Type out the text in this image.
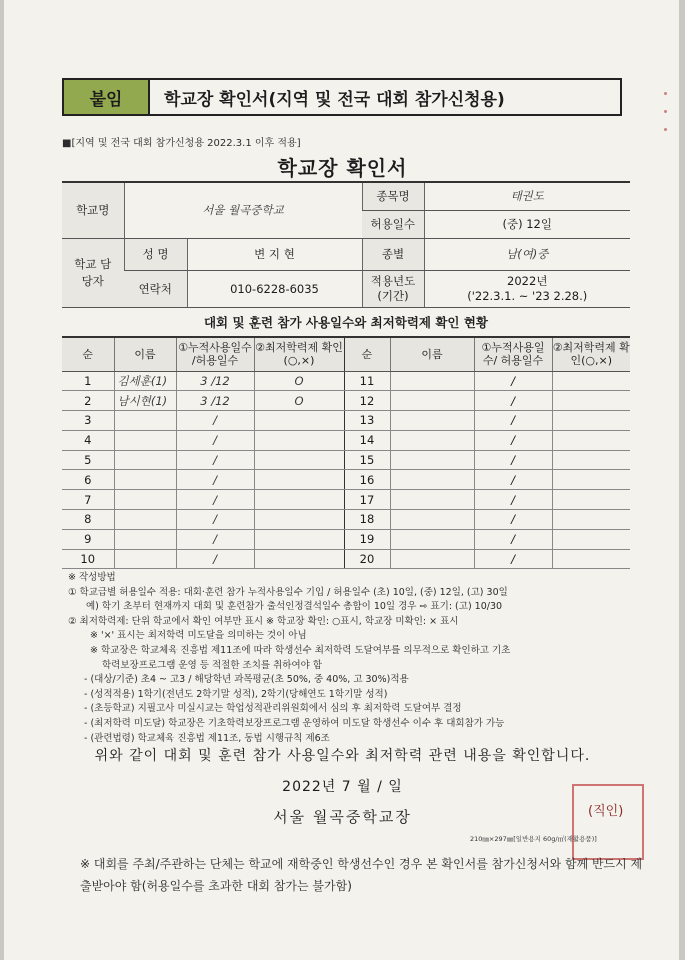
붙임	학교장 확인서(지역 및 전국 대회 참가신청용)
■[지역 및 전국 대회 참가신청용 2022.3.1 이후 적용]
학교장 확인서
학교명	서울 월곡중학교		종목명	태권도
			허용일수	(중) 12일
학교 담당자	성 명	변 지 현	종별	남(여)중
	연락처	010-6228-6035	적용년도 (기간)	2022년
('22.3.1. ~ '23 2.28.)
대회 및 훈련 참가 사용일수와 최저학력제 확인 현황
순	이름	①누적사용일수 /허용일수	②최저학력제 확인(○,×)	순	이름	①누적사용일수/ 허용일수	②최저학력제 확인(○,×)
1	김세훈(1)	3 /12	O	11		/	
2	남시현(1)	3 /12	O	12		/	
3		/		13		/	
4		/		14		/	
5		/		15		/	
6		/		16		/	
7		/		17		/	
8		/		18		/	
9		/		19		/	
10		/		20		/	
※ 작성방법
① 학교급별 허용일수 적용: 대회·훈련 참가 누적사용일수 기입 / 허용일수 (초) 10일, (중) 12일, (고) 30일
예) 학기 초부터 현재까지 대회 및 훈련참가 출석인정결석일수 총합이 10일 경우 ⇨ 표기: (고) 10/30
② 최저학력제: 단위 학교에서 확인 여부만 표시 ※ 학교장 확인: ○표시, 학교장 미확인: × 표시
※ '×' 표시는 최저학력 미도달을 의미하는 것이 아님
※ 학교장은 학교체육 진흥법 제11조에 따라 학생선수 최저학력 도달여부를 의무적으로 확인하고 기초
학력보장프로그램 운영 등 적절한 조치를 취하여야 함
- (대상/기준) 초4 ~ 고3 / 해당학년 과목평균(초 50%, 중 40%, 고 30%)적용
- (성적적용) 1학기(전년도 2학기말 성적), 2학기(당해연도 1학기말 성적)
- (초등학교) 지필고사 미실시교는 학업성적관리위원회에서 심의 후 최저학력 도달여부 결정
- (최저학력 미도달) 학교장은 기초학력보장프로그램 운영하여 미도달 학생선수 이수 후 대회참가 가능
- (관련법령) 학교체육 진흥법 제11조, 동법 시행규칙 제6조
위와 같이 대회 및 훈련 참가 사용일수와 최저학력 관련 내용을 확인합니다.
2022년 7 월 / 일
서울 월곡중학교장	(직인)
210㎜×297㎜[일반용지 60g/㎡(재활용품)]
※ 대회를 주최/주관하는 단체는 학교에 재학중인 학생선수인 경우 본 확인서를 참가신청서와 함께 반드시 제출받아야 함(허용일수를 초과한 대회 참가는 불가함)
